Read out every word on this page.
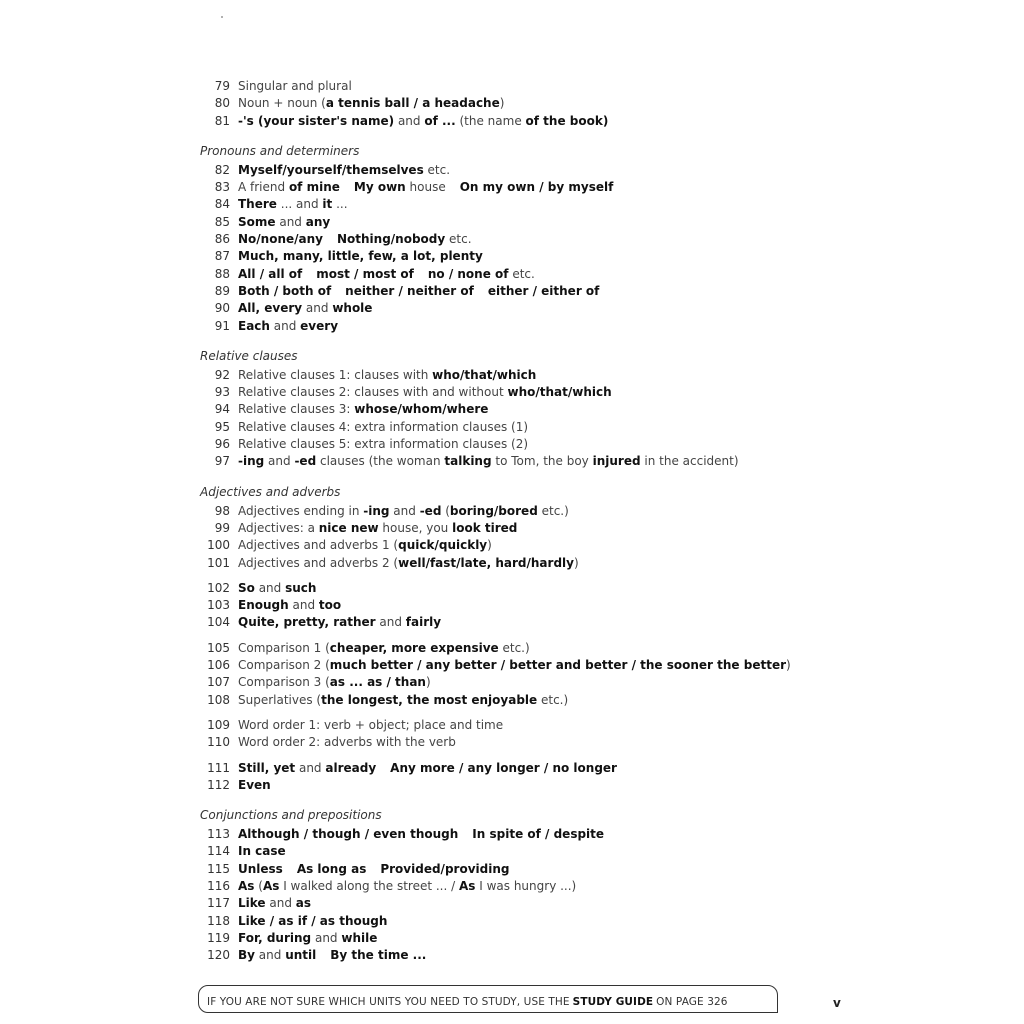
79 Singular and plural
80 Noun + noun (a tennis ball / a headache)
81 -'s (your sister's name) and of ... (the name of the book)
Pronouns and determiners
82 Myself/yourself/themselves etc.
83 A friend of mine My own house On my own / by myself
84 There ... and it ...
85 Some and any
86 No/none/any Nothing/nobody etc.
87 Much, many, little, few, a lot, plenty
88 All / all of most / most of no / none of etc.
89 Both / both of neither / neither of either / either of
90 All, every and whole
91 Each and every
Relative clauses
92 Relative clauses 1: clauses with who/that/which
93 Relative clauses 2: clauses with and without who/that/which
94 Relative clauses 3: whose/whom/where
95 Relative clauses 4: extra information clauses (1)
96 Relative clauses 5: extra information clauses (2)
97 -ing and -ed clauses (the woman talking to Tom, the boy injured in the accident)
Adjectives and adverbs
98 Adjectives ending in -ing and -ed (boring/bored etc.)
99 Adjectives: a nice new house, you look tired
100 Adjectives and adverbs 1 (quick/quickly)
101 Adjectives and adverbs 2 (well/fast/late, hard/hardly)
102 So and such
103 Enough and too
104 Quite, pretty, rather and fairly
105 Comparison 1 (cheaper, more expensive etc.)
106 Comparison 2 (much better / any better / better and better / the sooner the better)
107 Comparison 3 (as ... as / than)
108 Superlatives (the longest, the most enjoyable etc.)
109 Word order 1: verb + object; place and time
110 Word order 2: adverbs with the verb
111 Still, yet and already Any more / any longer / no longer
112 Even
Conjunctions and prepositions
113 Although / though / even though In spite of / despite
114 In case
115 Unless As long as Provided/providing
116 As (As I walked along the street ... / As I was hungry ...)
117 Like and as
118 Like / as if / as though
119 For, during and while
120 By and until By the time ...
IF YOU ARE NOT SURE WHICH UNITS YOU NEED TO STUDY, USE THE STUDY GUIDE ON PAGE 326	v
